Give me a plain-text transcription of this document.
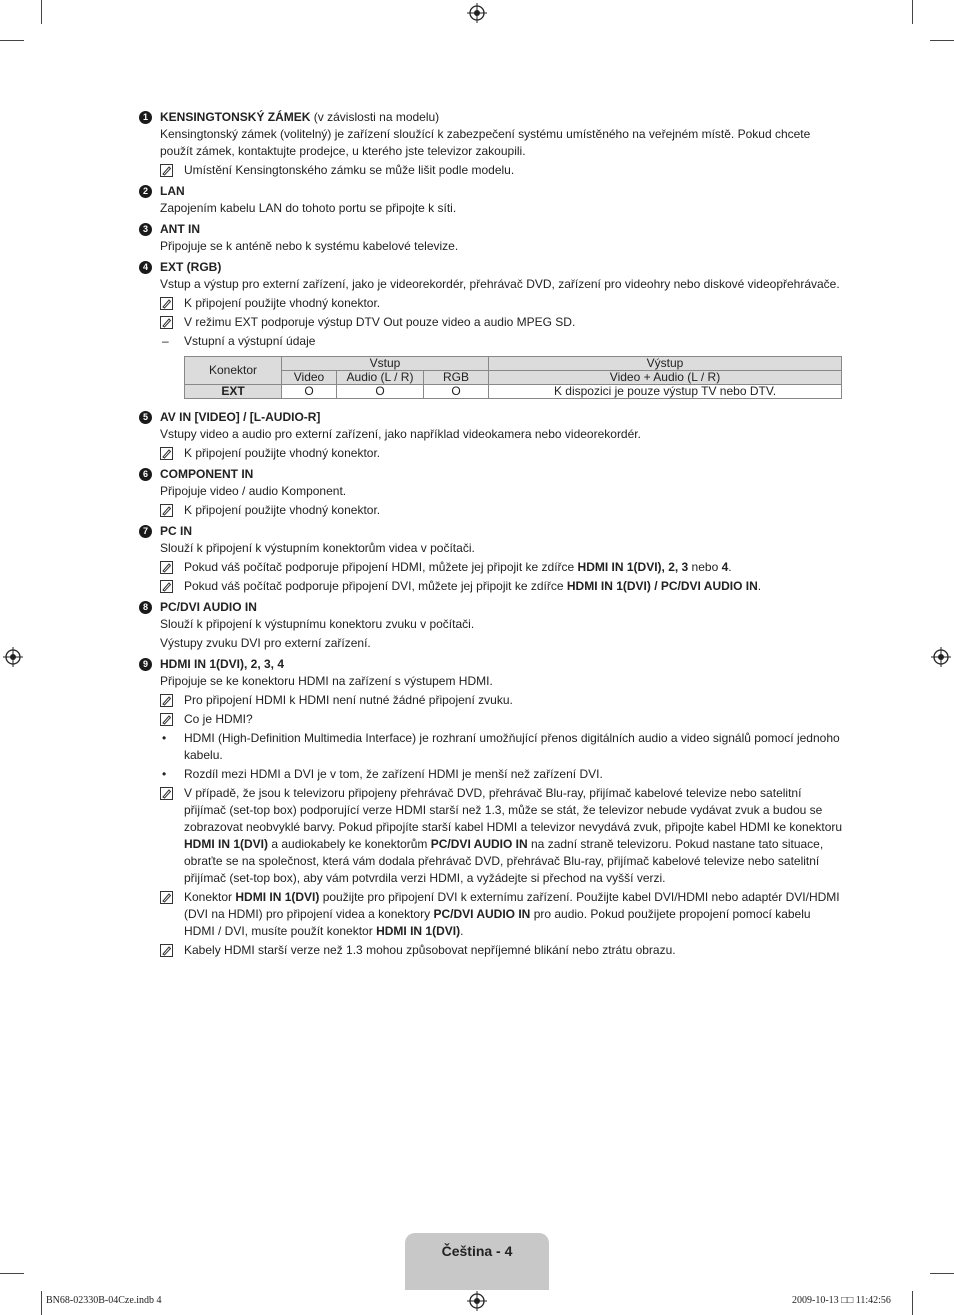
1	KENSINGTONSKÝ ZÁMEK (v závislosti na modelu)
Kensingtonský zámek (volitelný) je zařízení sloužící k zabezpečení systému umístěného na veřejném místě. Pokud chcete použít zámek, kontaktujte prodejce, u kterého jste televizor zakoupili.
Umístění Kensingtonského zámku se může lišit podle modelu.
2	LAN
Zapojením kabelu LAN do tohoto portu se připojte k síti.
3	ANT IN
Připojuje se k anténě nebo k systému kabelové televize.
4	EXT (RGB)
Vstup a výstup pro externí zařízení, jako je videorekordér, přehrávač DVD, zařízení pro videohry nebo diskové videopřehrávače.
K připojení použijte vhodný konektor.
V režimu EXT podporuje výstup DTV Out pouze video a audio MPEG SD.
– Vstupní a výstupní údaje
Konektor	Vstup			Výstup
	Video	Audio (L / R)	RGB	Video + Audio (L / R)
EXT	O	O	O	K dispozici je pouze výstup TV nebo DTV.
5	AV IN [VIDEO] / [L-AUDIO-R]
Vstupy video a audio pro externí zařízení, jako například videokamera nebo videorekordér.
K připojení použijte vhodný konektor.
6	COMPONENT IN
Připojuje video / audio Komponent.
K připojení použijte vhodný konektor.
7	PC IN
Slouží k připojení k výstupním konektorům videa v počítači.
Pokud váš počítač podporuje připojení HDMI, můžete jej připojit ke zdířce HDMI IN 1(DVI), 2, 3 nebo 4.
Pokud váš počítač podporuje připojení DVI, můžete jej připojit ke zdířce HDMI IN 1(DVI) / PC/DVI AUDIO IN.
8	PC/DVI AUDIO IN
Slouží k připojení k výstupnímu konektoru zvuku v počítači.
Výstupy zvuku DVI pro externí zařízení.
9	HDMI IN 1(DVI), 2, 3, 4
Připojuje se ke konektoru HDMI na zařízení s výstupem HDMI.
Pro připojení HDMI k HDMI není nutné žádné připojení zvuku.
Co je HDMI?
• HDMI (High-Definition Multimedia Interface) je rozhraní umožňující přenos digitálních audio a video signálů pomocí jednoho kabelu.
• Rozdíl mezi HDMI a DVI je v tom, že zařízení HDMI je menší než zařízení DVI.
V případě, že jsou k televizoru připojeny přehrávač DVD, přehrávač Blu-ray, přijímač kabelové televize nebo satelitní přijímač (set-top box) podporující verze HDMI starší než 1.3, může se stát, že televizor nebude vydávat zvuk a budou se zobrazovat neobvyklé barvy. Pokud připojíte starší kabel HDMI a televizor nevydává zvuk, připojte kabel HDMI ke konektoru HDMI IN 1(DVI) a audiokabely ke konektorům PC/DVI AUDIO IN na zadní straně televizoru. Pokud nastane tato situace, obraťte se na společnost, která vám dodala přehrávač DVD, přehrávač Blu-ray, přijímač kabelové televize nebo satelitní přijímač (set-top box), aby vám potvrdila verzi HDMI, a vyžádejte si přechod na vyšší verzi.
Konektor HDMI IN 1(DVI) použijte pro připojení DVI k externímu zařízení. Použijte kabel DVI/HDMI nebo adaptér DVI/HDMI (DVI na HDMI) pro připojení videa a konektory PC/DVI AUDIO IN pro audio. Pokud použijete propojení pomocí kabelu HDMI / DVI, musíte použít konektor HDMI IN 1(DVI).
Kabely HDMI starší verze než 1.3 mohou způsobovat nepříjemné blikání nebo ztrátu obrazu.
Čeština - 4
BN68-02330B-04Cze.indb 4	2009-10-13 □□ 11:42:56
